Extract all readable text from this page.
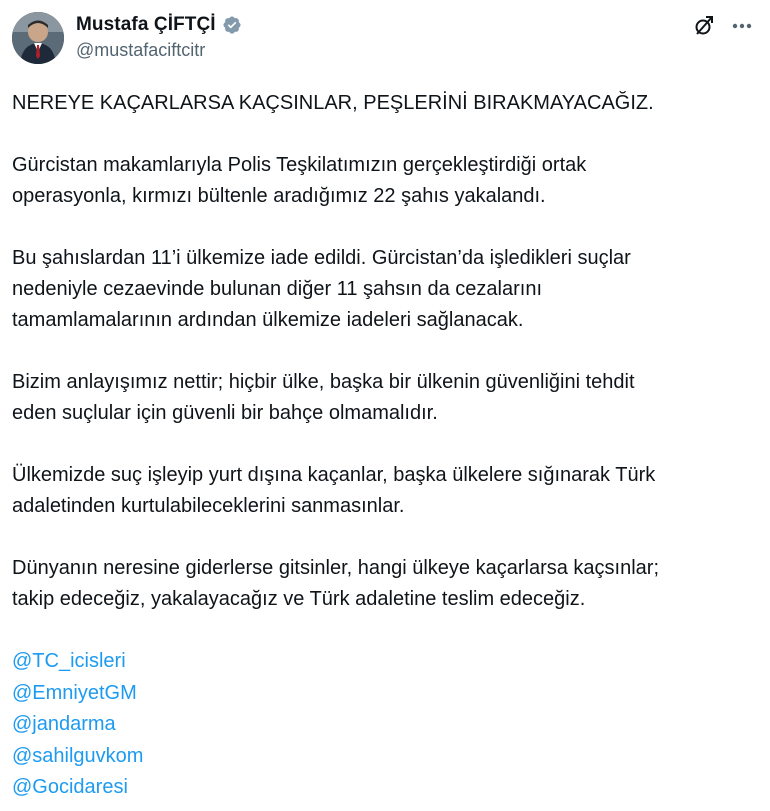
Mustafa ÇİFTÇİ
@mustafaciftcitr

NEREYE KAÇARLARSA KAÇSINLAR, PEŞLERİNİ BIRAKMAYACAĞIZ.

Gürcistan makamlarıyla Polis Teşkilatımızın gerçekleştirdiği ortak
operasyonla, kırmızı bültenle aradığımız 22 şahıs yakalandı.

Bu şahıslardan 11’i ülkemize iade edildi. Gürcistan’da işledikleri suçlar
nedeniyle cezaevinde bulunan diğer 11 şahsın da cezalarını
tamamlamalarının ardından ülkemize iadeleri sağlanacak.

Bizim anlayışımız nettir; hiçbir ülke, başka bir ülkenin güvenliğini tehdit
eden suçlular için güvenli bir bahçe olmamalıdır.

Ülkemizde suç işleyip yurt dışına kaçanlar, başka ülkelere sığınarak Türk
adaletinden kurtulabileceklerini sanmasınlar.

Dünyanın neresine giderlerse gitsinler, hangi ülkeye kaçarlarsa kaçsınlar;
takip edeceğiz, yakalayacağız ve Türk adaletine teslim edeceğiz.

@TC_icisleri
@EmniyetGM
@jandarma
@sahilguvkom
@Gocidaresi
